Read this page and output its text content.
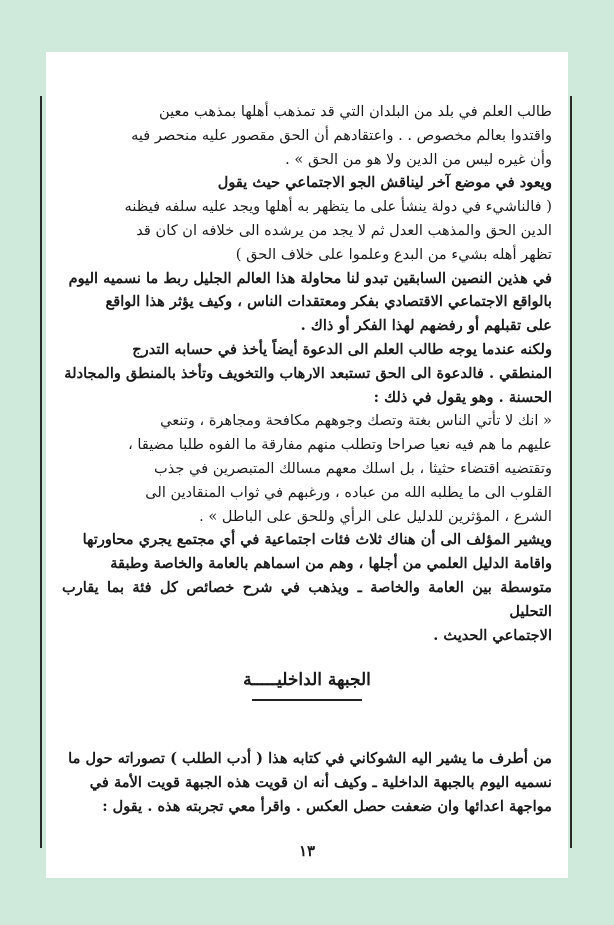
طالب العلم في بلد من البلدان التي قد تمذهب أهلها بمذهب معين

واقتدوا بعالم مخصوص . . واعتقادهم أن الحق مقصور عليه منحصر فيه

وأن غيره ليس من الدين ولا هو من الحق » .

ويعود في موضع آخر ليناقش الجو الاجتماعي حيث يقول

( فالناشيء في دولة ينشأ على ما يتظهر به أهلها ويجد عليه سلفه فيظنه

الدين الحق والمذهب العدل ثم لا يجد من يرشده الى خلافه ان كان قد

تظهر أهله بشيء من البدع وعلموا على خلاف الحق )

في هذين النصين السابقين تبدو لنا محاولة هذا العالم الجليل ربط ما نسميه اليوم

بالواقع الاجتماعي الاقتصادي بفكر ومعتقدات الناس ، وكيف يؤثر هذا الواقع

على تقبلهم أو رفضهم لهذا الفكر أو ذاك .

ولكنه عندما يوجه طالب العلم الى الدعوة أيضاً يأخذ في حسابه التدرج

المنطقي . فالدعوة الى الحق تستبعد الارهاب والتخويف وتأخذ بالمنطق والمجادلة

الحسنة . وهو يقول في ذلك :

« انك لا تأتي الناس بغتة وتصك وجوههم مكافحة ومجاهرة ، وتنعي

عليهم ما هم فيه نعيا صراحا وتطلب منهم مفارقة ما الفوه طلبا مضيقا ،

وتقتضيه اقتضاء حثيثا ، بل اسلك معهم مسالك المتبصرين في جذب

القلوب الى ما يطلبه الله من عباده ، ورغبهم في ثواب المنقادين الى

الشرع ، المؤثرين للدليل على الرأي وللحق على الباطل » .

ويشير المؤلف الى أن هناك ثلاث فئات اجتماعية في أي مجتمع يجري محاورتها

واقامة الدليل العلمي من أجلها ، وهم من اسماهم بالعامة والخاصة وطبقة

متوسطة بين العامة والخاصة ـ ويذهب في شرح خصائص كل فئة بما يقارب التحليل

الاجتماعي الحديث .

الجبهة الداخليـــــة

من أطرف ما يشير اليه الشوكاني في كتابه هذا ( أدب الطلب ) تصوراته حول ما

نسميه اليوم بالجبهة الداخلية ـ وكيف أنه ان قويت هذه الجبهة قويت الأمة في

مواجهة اعدائها وان ضعفت حصل العكس . واقرأ معي تجربته هذه . يقول :

١٣
